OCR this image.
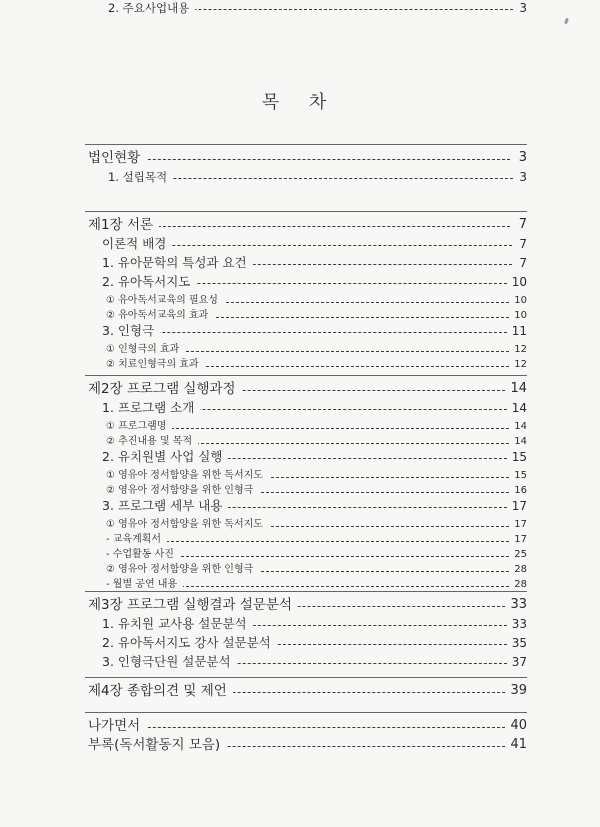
목 차
법인현황	3
1. 설립목적	3
2. 주요사업내용	3
제1장 서론	7
이론적 배경	7
1. 유아문학의 특성과 요건	7
2. 유아독서지도	10
① 유아독서교육의 필요성	10
② 유아독서교육의 효과	10
3. 인형극	11
① 인형극의 효과	12
② 치료인형극의 효과	12
제2장 프로그램 실행과정	14
1. 프로그램 소개	14
① 프로그램명	14
② 추진내용 및 목적	14
2. 유치원별 사업 실행	15
① 영유아 정서함양을 위한 독서지도	15
② 영유아 정서함양을 위한 인형극	16
3. 프로그램 세부 내용	17
① 영유아 정서함양을 위한 독서지도	17
- 교육계획서	17
- 수업활동 사진	25
② 영유아 정서함양을 위한 인형극	28
- 월별 공연 내용	28
제3장 프로그램 실행결과 설문분석	33
1. 유치원 교사용 설문분석	33
2. 유아독서지도 강사 설문분석	35
3. 인형극단원 설문분석	37
제4장 종합의견 및 제언	39
나가면서	40
부록(독서활동지 모음)	41
